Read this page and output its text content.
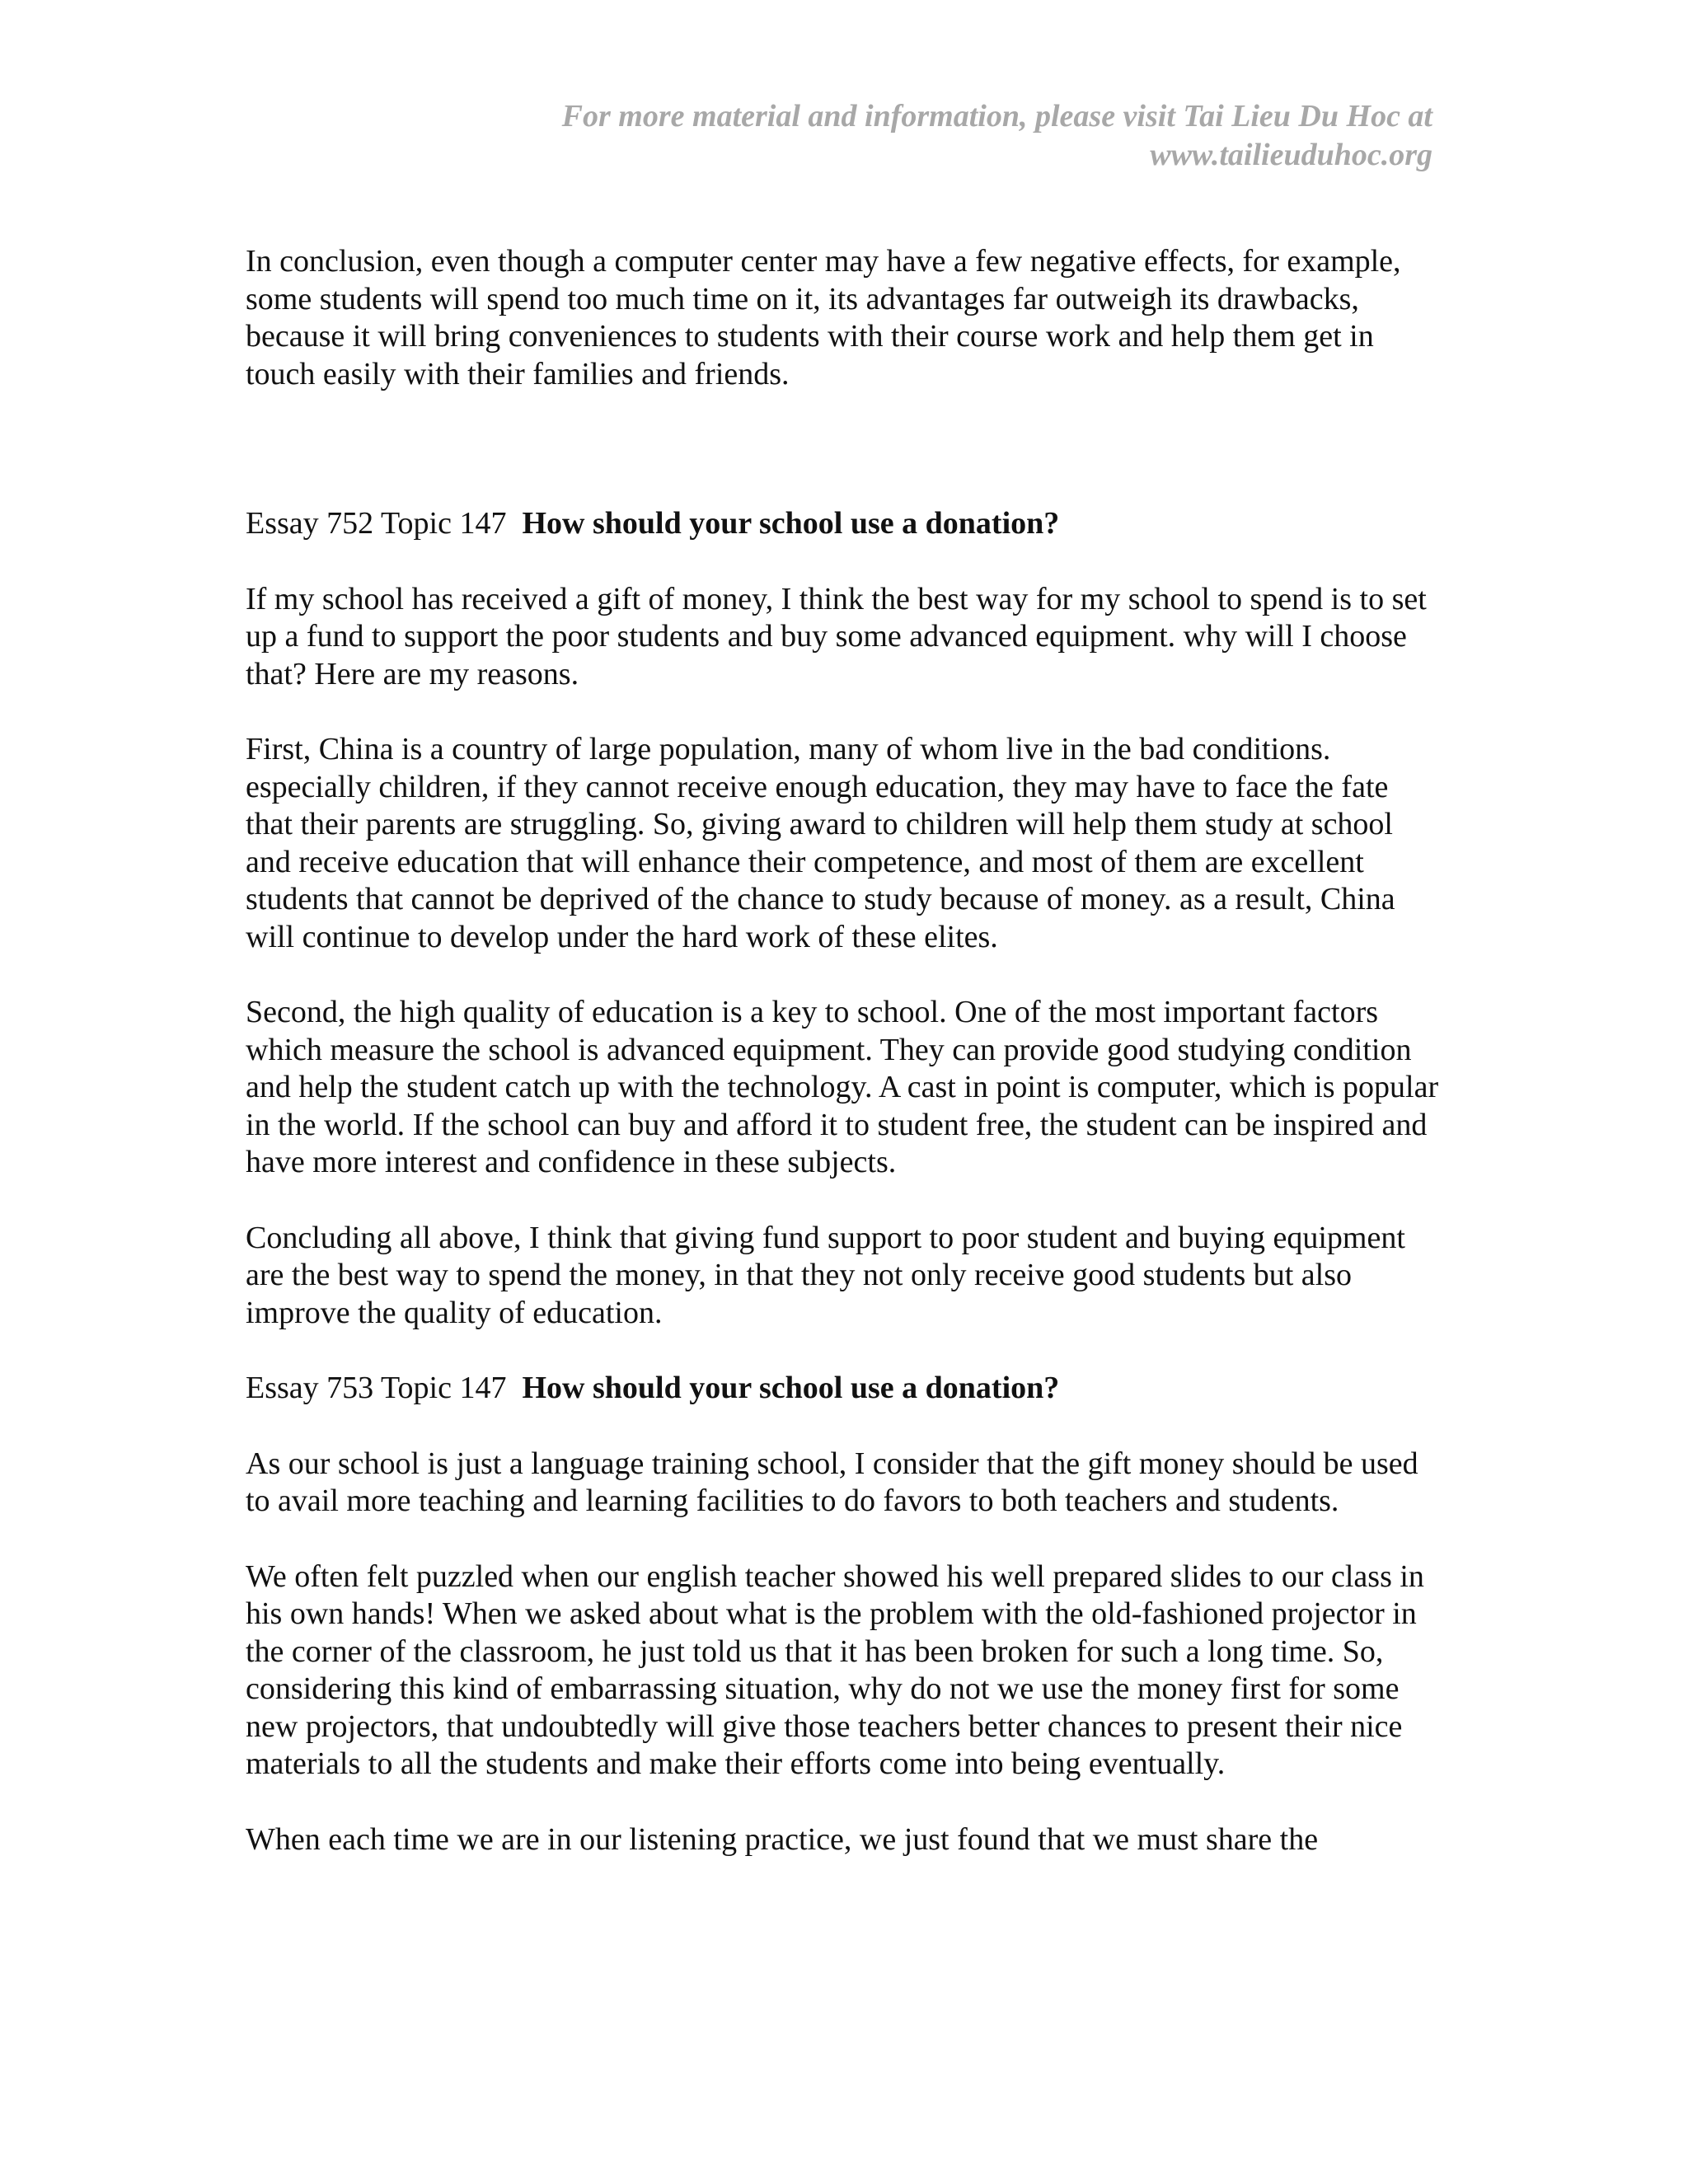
For more material and information, please visit Tai Lieu Du Hoc at
www.tailieuduhoc.org

In conclusion, even though a computer center may have a few negative effects, for example, some students will spend too much time on it, its advantages far outweigh its drawbacks, because it will bring conveniences to students with their course work and help them get in touch easily with their families and friends.

Essay 752 Topic 147 How should your school use a donation?

If my school has received a gift of money, I think the best way for my school to spend is to set up a fund to support the poor students and buy some advanced equipment. why will I choose that? Here are my reasons.

First, China is a country of large population, many of whom live in the bad conditions. especially children, if they cannot receive enough education, they may have to face the fate that their parents are struggling. So, giving award to children will help them study at school and receive education that will enhance their competence, and most of them are excellent students that cannot be deprived of the chance to study because of money. as a result, China will continue to develop under the hard work of these elites.

Second, the high quality of education is a key to school. One of the most important factors which measure the school is advanced equipment. They can provide good studying condition and help the student catch up with the technology. A cast in point is computer, which is popular in the world. If the school can buy and afford it to student free, the student can be inspired and have more interest and confidence in these subjects.

Concluding all above, I think that giving fund support to poor student and buying equipment are the best way to spend the money, in that they not only receive good students but also improve the quality of education.

Essay 753 Topic 147 How should your school use a donation?

As our school is just a language training school, I consider that the gift money should be used to avail more teaching and learning facilities to do favors to both teachers and students.

We often felt puzzled when our english teacher showed his well prepared slides to our class in his own hands! When we asked about what is the problem with the old-fashioned projector in the corner of the classroom, he just told us that it has been broken for such a long time. So, considering this kind of embarrassing situation, why do not we use the money first for some new projectors, that undoubtedly will give those teachers better chances to present their nice materials to all the students and make their efforts come into being eventually.

When each time we are in our listening practice, we just found that we must share the
